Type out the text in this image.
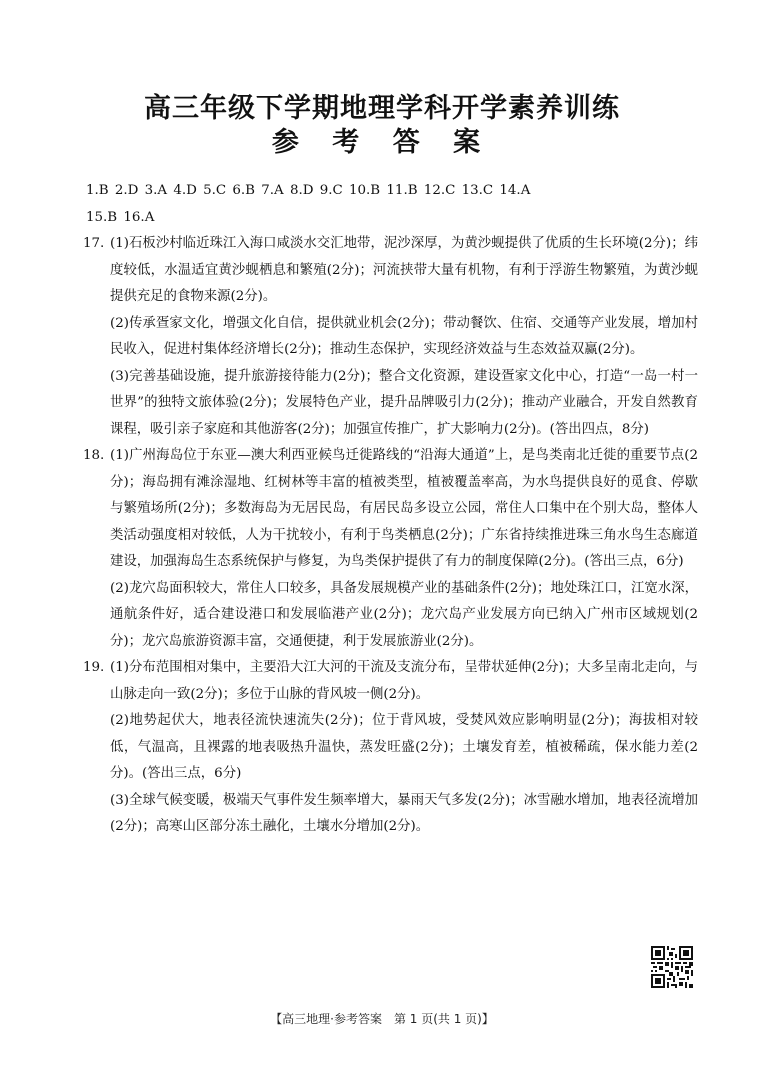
高三年级下学期地理学科开学素养训练
参 考 答 案

1.B 2.D 3.A 4.D 5.C 6.B 7.A 8.D 9.C 10.B 11.B 12.C 13.C 14.A

15.B 16.A

17. (1)石板沙村临近珠江入海口咸淡水交汇地带，泥沙深厚，为黄沙蚬提供了优质的生长环境(2分)；纬度较低，水温适宜黄沙蚬栖息和繁殖(2分)；河流挟带大量有机物，有利于浮游生物繁殖，为黄沙蚬提供充足的食物来源(2分)。

(2)传承疍家文化，增强文化自信，提供就业机会(2分)；带动餐饮、住宿、交通等产业发展，增加村民收入，促进村集体经济增长(2分)；推动生态保护，实现经济效益与生态效益双赢(2分)。

(3)完善基础设施，提升旅游接待能力(2分)；整合文化资源，建设疍家文化中心，打造“一岛一村一世界”的独特文旅体验(2分)；发展特色产业，提升品牌吸引力(2分)；推动产业融合，开发自然教育课程，吸引亲子家庭和其他游客(2分)；加强宣传推广，扩大影响力(2分)。(答出四点，8分)

18. (1)广州海岛位于东亚—澳大利西亚候鸟迁徙路线的“沿海大通道”上，是鸟类南北迁徙的重要节点(2分)；海岛拥有滩涂湿地、红树林等丰富的植被类型，植被覆盖率高，为水鸟提供良好的觅食、停歇与繁殖场所(2分)；多数海岛为无居民岛，有居民岛多设立公园，常住人口集中在个别大岛，整体人类活动强度相对较低，人为干扰较小，有利于鸟类栖息(2分)；广东省持续推进珠三角水鸟生态廊道建设，加强海岛生态系统保护与修复，为鸟类保护提供了有力的制度保障(2分)。(答出三点，6分)

(2)龙穴岛面积较大，常住人口较多，具备发展规模产业的基础条件(2分)；地处珠江口，江宽水深，通航条件好，适合建设港口和发展临港产业(2分)；龙穴岛产业发展方向已纳入广州市区域规划(2分)；龙穴岛旅游资源丰富，交通便捷，利于发展旅游业(2分)。

19. (1)分布范围相对集中，主要沿大江大河的干流及支流分布，呈带状延伸(2分)；大多呈南北走向，与山脉走向一致(2分)；多位于山脉的背风坡一侧(2分)。

(2)地势起伏大，地表径流快速流失(2分)；位于背风坡，受焚风效应影响明显(2分)；海拔相对较低，气温高，且裸露的地表吸热升温快，蒸发旺盛(2分)；土壤发育差，植被稀疏，保水能力差(2分)。(答出三点，6分)

(3)全球气候变暖，极端天气事件发生频率增大，暴雨天气多发(2分)；冰雪融水增加，地表径流增加(2分)；高寒山区部分冻土融化，土壤水分增加(2分)。

【高三地理·参考答案　第 1 页(共 1 页)】
